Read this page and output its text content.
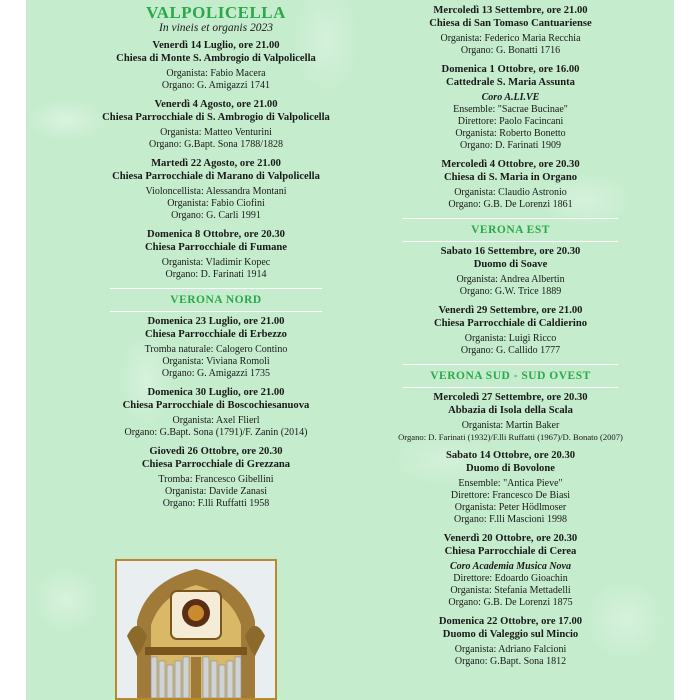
VALPOLICELLA
In vineis et organis 2023
Venerdì 14 Luglio, ore 21.00
Chiesa di Monte S. Ambrogio di Valpolicella
Organista: Fabio Macera
Organo: G. Amigazzi 1741
Venerdì 4 Agosto, ore 21.00
Chiesa Parrocchiale di S. Ambrogio di Valpolicella
Organista: Matteo Venturini
Organo: G.Bapt. Sona 1788/1828
Martedì 22 Agosto, ore 21.00
Chiesa Parrocchiale di Marano di Valpolicella
Violoncellista: Alessandra Montani
Organista: Fabio Ciofini
Organo: G. Carli 1991
Domenica 8 Ottobre, ore 20.30
Chiesa Parrocchiale di Fumane
Organista: Vladimir Kopec
Organo: D. Farinati 1914
VERONA NORD
Domenica 23 Luglio, ore 21.00
Chiesa Parrocchiale di Erbezzo
Tromba naturale: Calogero Contino
Organista: Viviana Romoli
Organo: G. Amigazzi 1735
Domenica 30 Luglio, ore 21.00
Chiesa Parrocchiale di Boscochiesanuova
Organista: Axel Flierl
Organo: G.Bapt. Sona (1791)/F. Zanin (2014)
Giovedì 26 Ottobre, ore 20.30
Chiesa Parrocchiale di Grezzana
Tromba: Francesco Gibellini
Organista: Davide Zanasi
Organo: F.lli Ruffatti 1958
Mercoledì 13 Settembre, ore 21.00
Chiesa di San Tomaso Cantuariense
Organista: Federico Maria Recchia
Organo: G. Bonatti 1716
Domenica 1 Ottobre, ore 16.00
Cattedrale S. Maria Assunta
Coro A.LI.VE
Ensemble: "Sacrae Bucinae"
Direttore: Paolo Facincani
Organista: Roberto Bonetto
Organo: D. Farinati 1909
Mercoledì 4 Ottobre, ore 20.30
Chiesa di S. Maria in Organo
Organista: Claudio Astronio
Organo: G.B. De Lorenzi 1861
VERONA EST
Sabato 16 Settembre, ore 20.30
Duomo di Soave
Organista: Andrea Albertin
Organo: G.W. Trice 1889
Venerdì 29 Settembre, ore 21.00
Chiesa Parrocchiale di Caldierino
Organista: Luigi Ricco
Organo: G. Callido 1777
VERONA SUD - SUD OVEST
Mercoledì 27 Settembre, ore 20.30
Abbazia di Isola della Scala
Organista: Martin Baker
Organo: D. Farinati (1932)/F.lli Ruffatti (1967)/D. Bonato (2007)
Sabato 14 Ottobre, ore 20.30
Duomo di Bovolone
Ensemble: "Antica Pieve"
Direttore: Francesco De Biasi
Organista: Peter Hödlmoser
Organo: F.lli Mascioni 1998
Venerdì 20 Ottobre, ore 20.30
Chiesa Parrocchiale di Cerea
Coro Academia Musica Nova
Direttore: Edoardo Gioachin
Organista: Stefania Mettadelli
Organo: G.B. De Lorenzi 1875
Domenica 22 Ottobre, ore 17.00
Duomo di Valeggio sul Mincio
Organista: Adriano Falcioni
Organo: G.Bapt. Sona 1812
